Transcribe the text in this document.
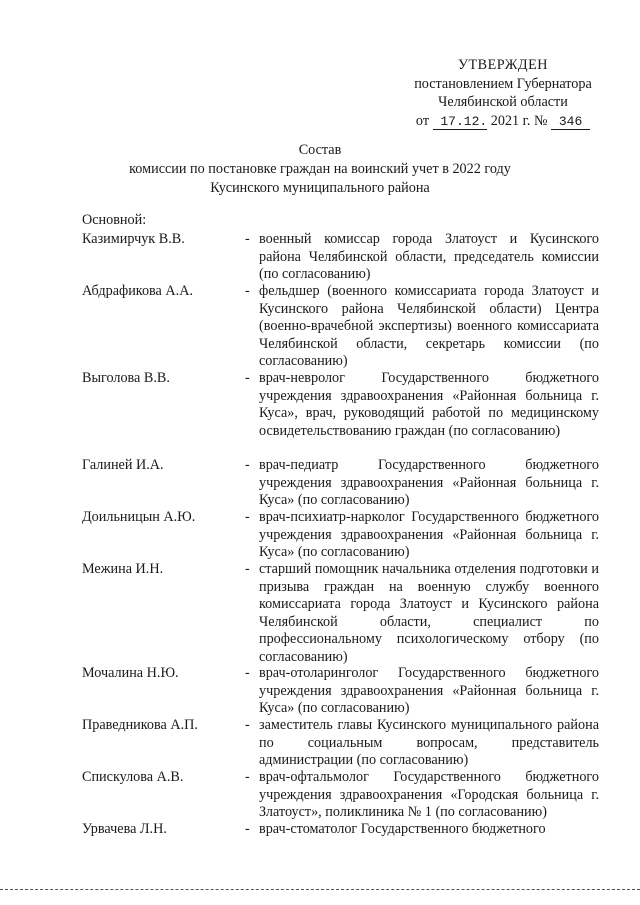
УТВЕРЖДЕН
постановлением Губернатора
Челябинской области
от 17.12. 2021 г. № 346
Состав
комиссии по постановке граждан на воинский учет в 2022 году
Кусинского муниципального района
Основной:
Казимирчук В.В.	- военный комиссар города Златоуст и Кусинского района Челябинской области, председатель комиссии (по согласованию)
Абдрафикова А.А.	- фельдшер (военного комиссариата города Златоуст и Кусинского района Челябинской области) Центра (военно-врачебной экспертизы) военного комиссариата Челябинской области, секретарь комиссии (по согласованию)
Выголова В.В.	- врач-невролог Государственного бюджетного учреждения здравоохранения «Районная больница г. Куса», врач, руководящий работой по медицинскому освидетельствованию граждан (по согласованию)
Галиней И.А.	- врач-педиатр Государственного бюджетного учреждения здравоохранения «Районная больница г. Куса» (по согласованию)
Доильницын А.Ю.	- врач-психиатр-нарколог Государственного бюджетного учреждения здравоохранения «Районная больница г. Куса» (по согласованию)
Межина И.Н.	- старший помощник начальника отделения подготовки и призыва граждан на военную службу военного комиссариата города Златоуст и Кусинского района Челябинской области, специалист по профессиональному психологическому отбору (по согласованию)
Мочалина Н.Ю.	- врач-отоларинголог Государственного бюджетного учреждения здравоохранения «Районная больница г. Куса» (по согласованию)
Праведникова А.П.	- заместитель главы Кусинского муниципального района по социальным вопросам, представитель администрации (по согласованию)
Спискулова А.В.	- врач-офтальмолог Государственного бюджетного учреждения здравоохранения «Городская больница г. Златоуст», поликлиника № 1 (по согласованию)
Урвачева Л.Н.	- врач-стоматолог Государственного бюджетного
